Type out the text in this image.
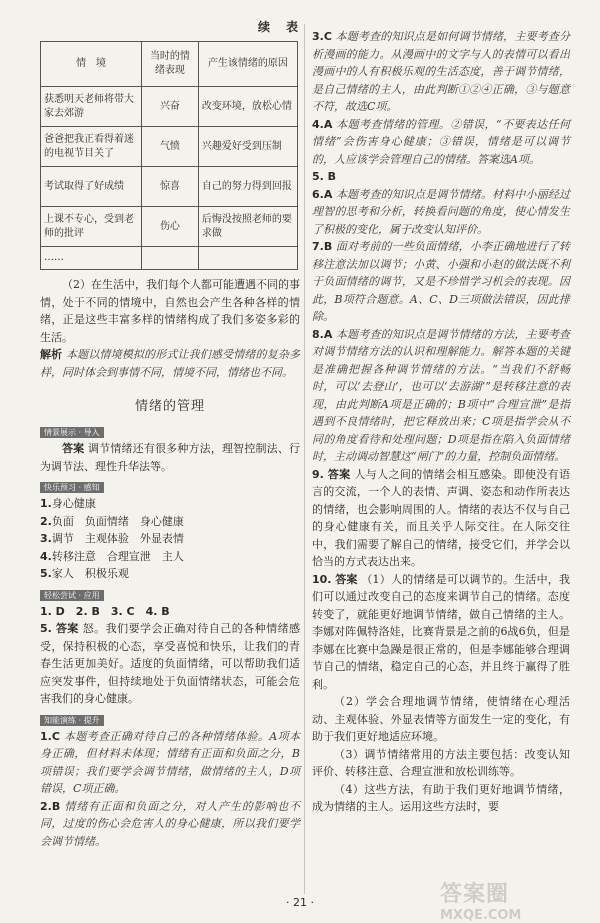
续　表
情　境	当时的情绪表现	产生该情绪的原因
获悉明天老师将带大家去郊游	兴奋	改变环境，放松心情
爸爸把我正看得着迷的电视节目关了	气愤	兴趣爱好受到压制
考试取得了好成绩	惊喜	自己的努力得到回报
上课不专心，受到老师的批评	伤心	后悔没按照老师的要求做
……		

（2）在生活中，我们每个人都可能遭遇不同的事情，处于不同的情境中，自然也会产生各种各样的情绪，正是这些丰富多样的情绪构成了我们多姿多彩的生活。

解析 本题以情境模拟的形式让我们感受情绪的复杂多样，同时体会到事情不同，情境不同，情绪也不同。

情绪的管理
情景展示 · 导入

答案 调节情绪还有很多种方法，理智控制法、行为调节法、理性升华法等。

快乐预习 · 感知

1.身心健康

2.负面　负面情绪　身心健康

3.调节　主观体验　外显表情

4.转移注意　合理宣泄　主人

5.家人　积极乐观

轻松尝试 · 应用

1. D　2. B　3. C　4. B

5. 答案 怒。我们要学会正确对待自己的各种情绪感受，保持积极的心态，享受喜悦和快乐，让我们的青春生活更加美好。适度的负面情绪，可以帮助我们适应突发事件，但持续地处于负面情绪状态，可能会危害我们的身心健康。

知能演练 · 提升

1.C 本题考查正确对待自己的各种情绪体验。A项本身正确，但材料未体现；情绪有正面和负面之分，B项错误；我们要学会调节情绪，做情绪的主人，D项错误，C项正确。

2.B 情绪有正面和负面之分，对人产生的影响也不同，过度的伤心会危害人的身心健康，所以我们要学会调节情绪。

3.C 本题考查的知识点是如何调节情绪，主要考查分析漫画的能力。从漫画中的文字与人的表情可以看出漫画中的人有积极乐观的生活态度，善于调节情绪，是自己情绪的主人，由此判断①②④正确，③与题意不符，故选C项。

4.A 本题考查情绪的管理。②错误，“不要表达任何情绪”会伤害身心健康；③错误，情绪是可以调节的，人应该学会管理自己的情绪。答案选A项。

5. B

6.A 本题考查的知识点是调节情绪。材料中小丽经过理智的思考和分析，转换看问题的角度，使心情发生了积极的变化，属于改变认知评价。

7.B 面对考前的一些负面情绪，小李正确地进行了转移注意法加以调节；小黄、小强和小赵的做法既不利于负面情绪的调节，又是不珍惜学习机会的表现。因此，B项符合题意。A、C、D三项做法错误，因此排除。

8.A 本题考查的知识点是调节情绪的方法，主要考查对调节情绪方法的认识和理解能力。解答本题的关键是准确把握各种调节情绪的方法。“当我们不舒畅时，可以‘去登山’，也可以‘去游湖’”是转移注意的表现，由此判断A项是正确的；B项中“合理宣泄”是指遇到不良情绪时，把它释放出来；C项是指学会从不同的角度看待和处理问题；D项是指在陷入负面情绪时，主动调动智慧这“闸门”的力量，控制负面情绪。

9. 答案 人与人之间的情绪会相互感染。即使没有语言的交流，一个人的表情、声调、姿态和动作所表达的情绪，也会影响周围的人。情绪的表达不仅与自己的身心健康有关，而且关乎人际交往。在人际交往中，我们需要了解自己的情绪，接受它们，并学会以恰当的方式表达出来。

10. 答案 （1）人的情绪是可以调节的。生活中，我们可以通过改变自己的态度来调节自己的情绪。态度转变了，就能更好地调节情绪，做自己情绪的主人。李娜对阵佩特洛娃，比赛背景是之前的6战6负，但是李娜在比赛中急躁是很正常的，但是李娜能够合理调节自己的情绪，稳定自己的心态，并且终于赢得了胜利。

（2）学会合理地调节情绪，使情绪在心理活动、主观体验、外显表情等方面发生一定的变化，有助于我们更好地适应环境。

（3）调节情绪常用的方法主要包括：改变认知评价、转移注意、合理宣泄和放松训练等。

（4）这些方法，有助于我们更好地调节情绪，成为情绪的主人。运用这些方法时，要

· 21 ·	答案圈
MXQE.COM
